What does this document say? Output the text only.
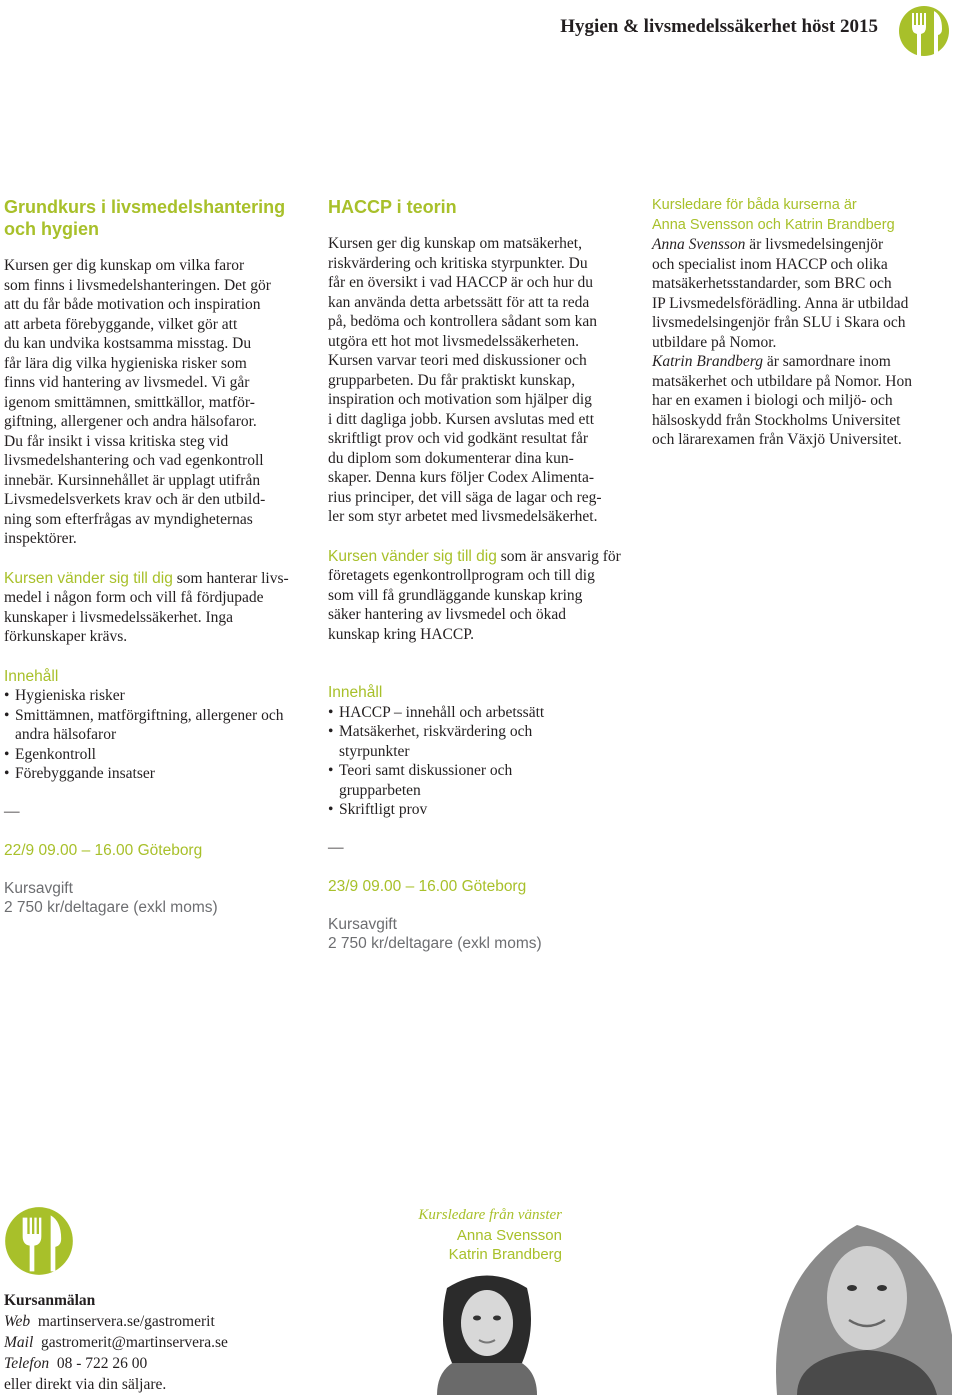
Hygien & livsmedelssäkerhet höst 2015
Grundkurs i livsmedelshantering
och hygien
Kursen ger dig kunskap om vilka faror
som finns i livsmedelshanteringen. Det gör
att du får både motivation och inspiration
att arbeta förebyggande, vilket gör att
du kan undvika kostsamma misstag. Du
får lära dig vilka hygieniska risker som
finns vid hantering av livsmedel. Vi går
igenom smittämnen, smittkällor, matför-
giftning, allergener och andra hälsofaror.
Du får insikt i vissa kritiska steg vid
livsmedelshantering och vad egenkontroll
innebär. Kursinnehållet är upplagt utifrån
Livsmedelsverkets krav och är den utbild-
ning som efterfrågas av myndigheternas
inspektörer.
Kursen vänder sig till dig som hanterar livs-
medel i någon form och vill få fördjupade
kunskaper i livsmedelssäkerhet. Inga
förkunskaper krävs.
Innehåll
• Hygieniska risker
• Smittämnen, matförgiftning, allergener och andra hälsofaror
• Egenkontroll
• Förebyggande insatser
—
22/9 09.00 – 16.00 Göteborg
Kursavgift
2 750 kr/deltagare (exkl moms)
HACCP i teorin
Kursen ger dig kunskap om matsäkerhet,
riskvärdering och kritiska styrpunkter. Du
får en översikt i vad HACCP är och hur du
kan använda detta arbetssätt för att ta reda
på, bedöma och kontrollera sådant som kan
utgöra ett hot mot livsmedelssäkerheten.
Kursen varvar teori med diskussioner och
grupparbeten. Du får praktiskt kunskap,
inspiration och motivation som hjälper dig
i ditt dagliga jobb. Kursen avslutas med ett
skriftligt prov och vid godkänt resultat får
du diplom som dokumenterar dina kun-
skaper. Denna kurs följer Codex Alimenta-
rius principer, det vill säga de lagar och reg-
ler som styr arbetet med livsmedelsäkerhet.
Kursen vänder sig till dig som är ansvarig för
företagets egenkontrollprogram och till dig
som vill få grundläggande kunskap kring
säker hantering av livsmedel och ökad
kunskap kring HACCP.
Innehåll
• HACCP – innehåll och arbetssätt
• Matsäkerhet, riskvärdering och styrpunkter
• Teori samt diskussioner och grupparbeten
• Skriftligt prov
—
23/9 09.00 – 16.00 Göteborg
Kursavgift
2 750 kr/deltagare (exkl moms)
Kursledare för båda kurserna är
Anna Svensson och Katrin Brandberg
Anna Svensson är livsmedelsingenjör
och specialist inom HACCP och olika
matsäkerhetsstandarder, som BRC och
IP Livsmedelsförädling. Anna är utbildad
livsmedelsingenjör från SLU i Skara och
utbildare på Nomor.
Katrin Brandberg är samordnare inom
matsäkerhet och utbildare på Nomor. Hon
har en examen i biologi och miljö- och
hälsoskydd från Stockholms Universitet
och lärarexamen från Växjö Universitet.
Kursledare från vänster
Anna Svensson
Katrin Brandberg

Kursanmälan

Web martinservera.se/gastromerit

Mail gastromerit@martinservera.se

Telefon 08 - 722 26 00

eller direkt via din säljare.
